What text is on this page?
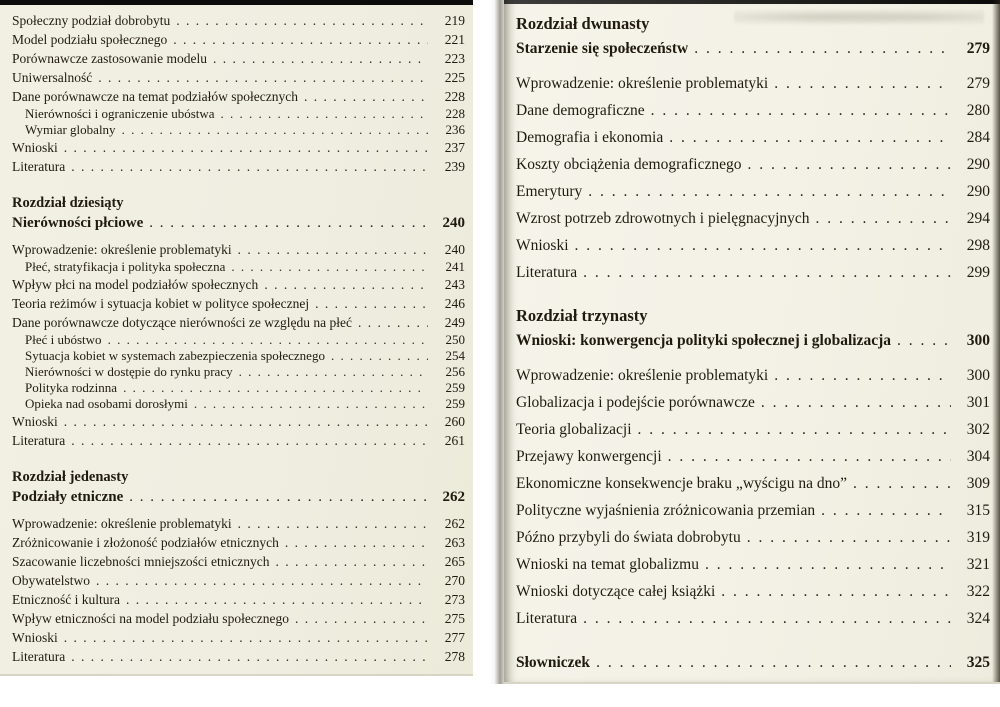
Społeczny podział dobrobytu . . .	219
Model podziału społecznego . . .	221
Porównawcze zastosowanie modelu . . .	223
Uniwersalność . . .	225
Dane porównawcze na temat podziałów społecznych . . .	228
Nierówności i ograniczenie ubóstwa . . .	228
Wymiar globalny . . .	236
Wnioski . . .	237
Literatura . . .	239
Rozdział dziesiąty
Nierówności płciowe . . .	240
Wprowadzenie: określenie problematyki . . .	240
Płeć, stratyfikacja i polityka społeczna . . .	241
Wpływ płci na model podziałów społecznych . . .	243
Teoria reżimów i sytuacja kobiet w polityce społecznej . . .	246
Dane porównawcze dotyczące nierówności ze względu na płeć . . .	249
Płeć i ubóstwo . . .	250
Sytuacja kobiet w systemach zabezpieczenia społecznego . . .	254
Nierówności w dostępie do rynku pracy . . .	256
Polityka rodzinna . . .	259
Opieka nad osobami dorosłymi . . .	259
Wnioski . . .	260
Literatura . . .	261
Rozdział jedenasty
Podziały etniczne . . .	262
Wprowadzenie: określenie problematyki . . .	262
Zróżnicowanie i złożoność podziałów etnicznych . . .	263
Szacowanie liczebności mniejszości etnicznych . . .	265
Obywatelstwo . . .	270
Etniczność i kultura . . .	273
Wpływ etniczności na model podziału społecznego . . .	275
Wnioski . . .	277
Literatura . . .	278
Rozdział dwunasty
Starzenie się społeczeństw . . .	279
Wprowadzenie: określenie problematyki . . .	279
Dane demograficzne . . .	280
Demografia i ekonomia . . .	284
Koszty obciążenia demograficznego . . .	290
Emerytury . . .	290
Wzrost potrzeb zdrowotnych i pielęgnacyjnych . . .	294
Wnioski . . .	298
Literatura . . .	299
Rozdział trzynasty
Wnioski: konwergencja polityki społecznej i globalizacja . . .	300
Wprowadzenie: określenie problematyki . . .	300
Globalizacja i podejście porównawcze . . .	301
Teoria globalizacji . . .	302
Przejawy konwergencji . . .	304
Ekonomiczne konsekwencje braku „wyścigu na dno” . . .	309
Polityczne wyjaśnienia zróżnicowania przemian . . .	315
Późno przybyli do świata dobrobytu . . .	319
Wnioski na temat globalizmu . . .	321
Wnioski dotyczące całej książki . . .	322
Literatura . . .	324
Słowniczek . . .	325
